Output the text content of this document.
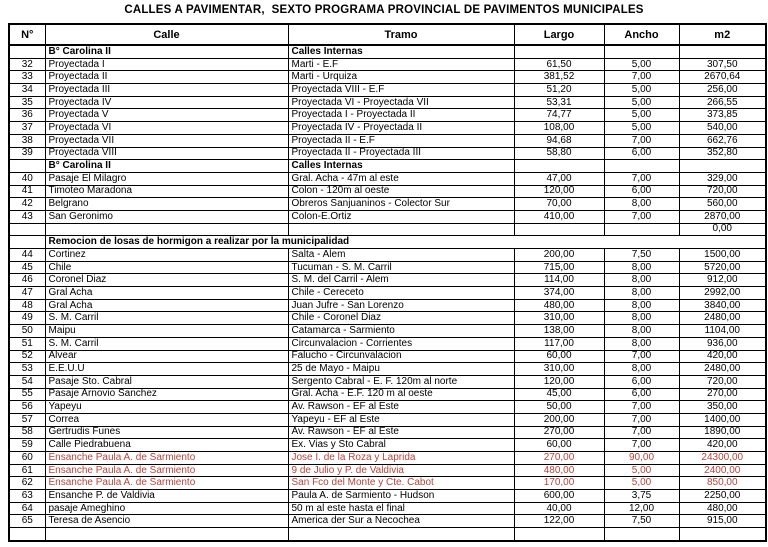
CALLES A PAVIMENTAR,  SEXTO PROGRAMA PROVINCIAL DE PAVIMENTOS MUNICIPALES
N°	Calle	Tramo	Largo	Ancho	m2
	B° Carolina II	Calles Internas			
32	Proyectada I	Marti - E.F	61,50	5,00	307,50
33	Proyectada II	Marti - Urquiza	381,52	7,00	2670,64
34	Proyectada III	Proyectada VIII - E.F	51,20	5,00	256,00
35	Proyectada IV	Proyectada VI - Proyectada VII	53,31	5,00	266,55
36	Proyectada V	Proyectada I - Proyectada II	74,77	5,00	373,85
37	Proyectada VI	Proyectada IV - Proyectada II	108,00	5,00	540,00
38	Proyectada VII	Proyectada II - E.F	94,68	7,00	662,76
39	Proyectada VIII	Proyectada II - Proyectada III	58,80	6,00	352,80
	B° Carolina II	Calles Internas			
40	Pasaje El Milagro	Gral. Acha - 47m al este	47,00	7,00	329,00
41	Timoteo Maradona	Colon - 120m al oeste	120,00	6,00	720,00
42	Belgrano	Obreros Sanjuaninos - Colector Sur	70,00	8,00	560,00
43	San Geronimo	Colon-E.Ortiz	410,00	7,00	2870,00
					0,00
	Remocion de losas de hormigon a realizar por la municipalidad				
44	Cortinez	Salta - Alem	200,00	7,50	1500,00
45	Chile	Tucuman - S. M. Carril	715,00	8,00	5720,00
46	Coronel Diaz	S. M. del Carril - Alem	114,00	8,00	912,00
47	Gral Acha	Chile - Cereceto	374,00	8,00	2992,00
48	Gral Acha	Juan Jufre - San Lorenzo	480,00	8,00	3840,00
49	S. M. Carril	Chile - Coronel Diaz	310,00	8,00	2480,00
50	Maipu	Catamarca - Sarmiento	138,00	8,00	1104,00
51	S. M. Carril	Circunvalacion - Corrientes	117,00	8,00	936,00
52	Alvear	Falucho - Circunvalacion	60,00	7,00	420,00
53	E.E.U.U	25 de Mayo - Maipu	310,00	8,00	2480,00
54	Pasaje Sto. Cabral	Sergento Cabral - E. F. 120m al norte	120,00	6,00	720,00
55	Pasaje Arnovio Sanchez	Gral. Acha - E.F. 120 m al oeste	45,00	6,00	270,00
56	Yapeyu	Av. Rawson - EF al Este	50,00	7,00	350,00
57	Correa	Yapeyu - EF al Este	200,00	7,00	1400,00
58	Gertrudis Funes	Av. Rawson - EF al Este	270,00	7,00	1890,00
59	Calle Piedrabuena	Ex. Vias y Sto Cabral	60,00	7,00	420,00
60	Ensanche Paula A. de Sarmiento	Jose I. de la Roza y Laprida	270,00	90,00	24300,00
61	Ensanche Paula A. de Sarmiento	9 de Julio y P. de Valdivia	480,00	5,00	2400,00
62	Ensanche Paula A. de Sarmiento	San Fco del Monte y Cte. Cabot	170,00	5,00	850,00
63	Ensanche P. de Valdivia	Paula A. de Sarmiento - Hudson	600,00	3,75	2250,00
64	pasaje Ameghino	50 m al este hasta el final	40,00	12,00	480,00
65	Teresa de Asencio	America der Sur a Necochea	122,00	7,50	915,00
